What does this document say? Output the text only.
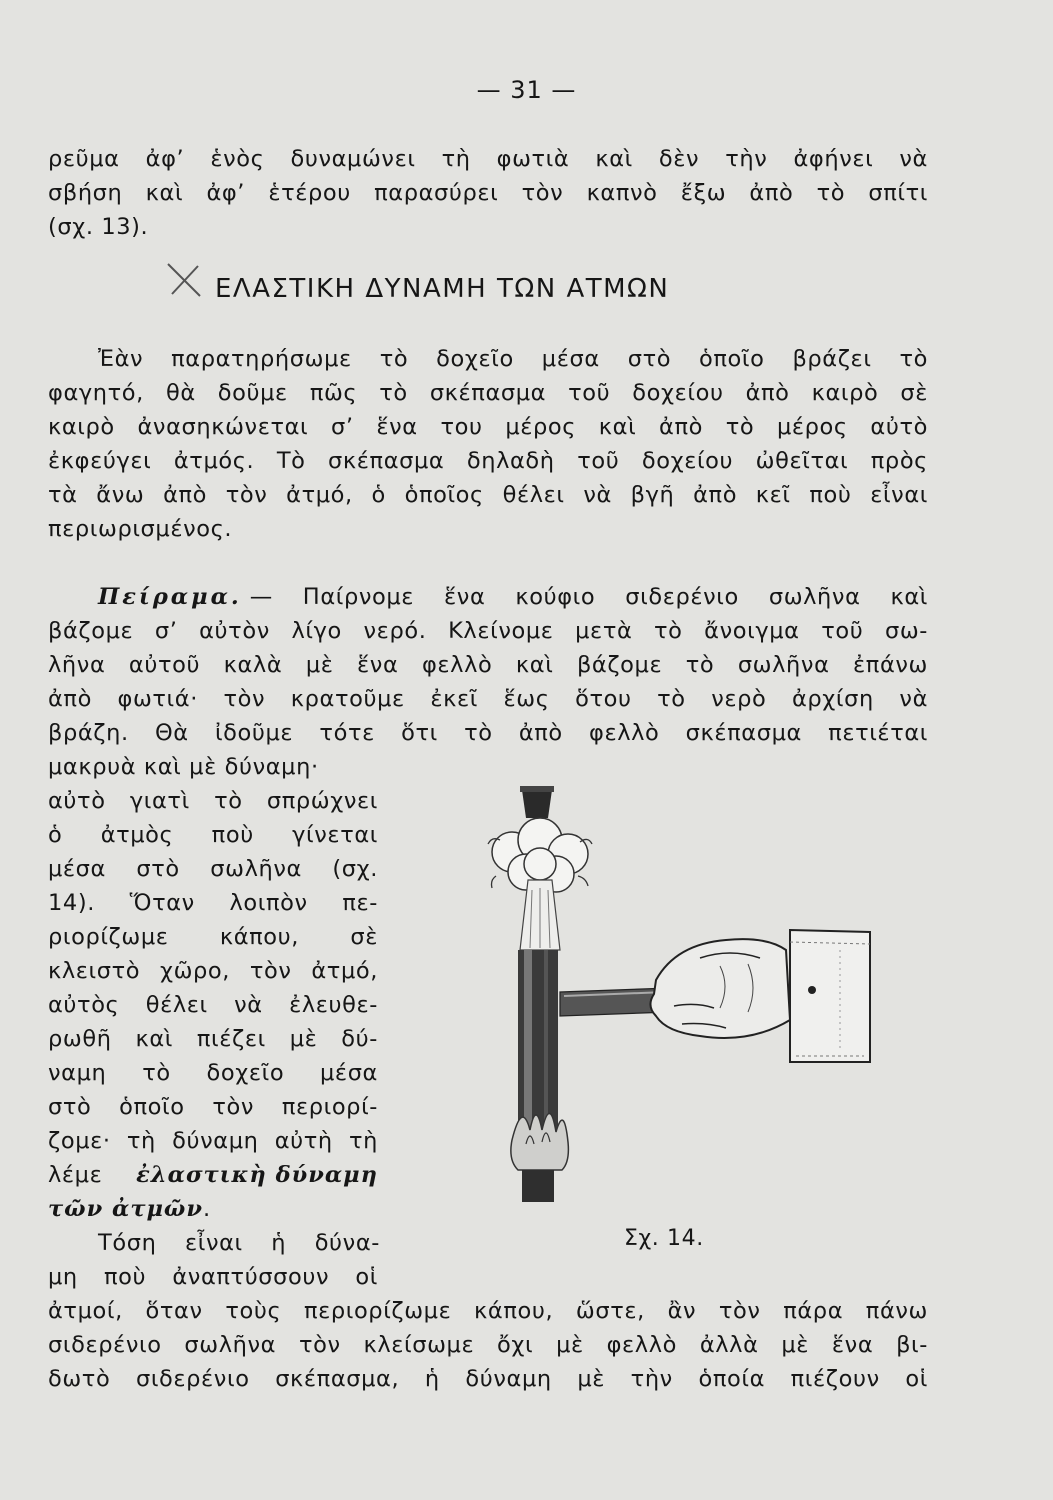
— 31 —
ρεῦμα ἀφ’ ἑνὸς δυναμώνει τὴ φωτιὰ καὶ δὲν τὴν ἀφήνει νὰ
σβήση καὶ ἀφ’ ἑτέρου παρασύρει τὸν καπνὸ ἔξω ἀπὸ τὸ σπίτι
(σχ. 13).
ΕΛΑΣΤΙΚΗ ΔΥΝΑΜΗ ΤΩΝ ΑΤΜΩΝ
Ἐὰν παρατηρήσωμε τὸ δοχεῖο μέσα στὸ ὁποῖο βράζει τὸ
φαγητό, θὰ δοῦμε πῶς τὸ σκέπασμα τοῦ δοχείου ἀπὸ καιρὸ σὲ
καιρὸ ἀνασηκώνεται σ’ ἕνα του μέρος καὶ ἀπὸ τὸ μέρος αὐτὸ
ἐκφεύγει ἀτμός. Τὸ σκέπασμα δηλαδὴ τοῦ δοχείου ὠθεῖται πρὸς
τὰ ἄνω ἀπὸ τὸν ἀτμό, ὁ ὁποῖος θέλει νὰ βγῆ ἀπὸ κεῖ ποὺ εἶναι
περιωρισμένος.
Πείραμα. — Παίρνομε ἕνα κούφιο σιδερένιο σωλῆνα καὶ
βάζομε σ’ αὐτὸν λίγο νερό. Κλείνομε μετὰ τὸ ἄνοιγμα τοῦ σω-
λῆνα αὐτοῦ καλὰ μὲ ἕνα φελλὸ καὶ βάζομε τὸ σωλῆνα ἐπάνω
ἀπὸ φωτιά· τὸν κρατοῦμε ἐκεῖ ἕως ὅτου τὸ νερὸ ἀρχίση νὰ
βράζη. Θὰ ἰδοῦμε τότε ὅτι τὸ ἀπὸ φελλὸ σκέπασμα πετιέται
μακρυὰ καὶ μὲ δύναμη·
αὐτὸ γιατὶ τὸ σπρώχνει
ὁ ἀτμὸς ποὺ γίνεται
μέσα στὸ σωλῆνα (σχ.
14). Ὅταν λοιπὸν πε-
ριορίζωμε κάπου, σὲ
κλειστὸ χῶρο, τὸν ἀτμό,
αὐτὸς θέλει νὰ ἐλευθε-
ρωθῆ καὶ πιέζει μὲ δύ-
ναμη τὸ δοχεῖο μέσα
στὸ ὁποῖο τὸν περιορί-
ζομε· τὴ δύναμη αὐτὴ τὴ
λέμε ἐλαστικὴ δύναμη
τῶν ἀτμῶν.
Σχ. 14.
Τόση εἶναι ἡ δύνα-
μη ποὺ ἀναπτύσσουν οἱ
ἀτμοί, ὅταν τοὺς περιορίζωμε κάπου, ὥστε, ἂν τὸν πάρα πάνω
σιδερένιο σωλῆνα τὸν κλείσωμε ὄχι μὲ φελλὸ ἀλλὰ μὲ ἕνα βι-
δωτὸ σιδερένιο σκέπασμα, ἡ δύναμη μὲ τὴν ὁποία πιέζουν οἱ
